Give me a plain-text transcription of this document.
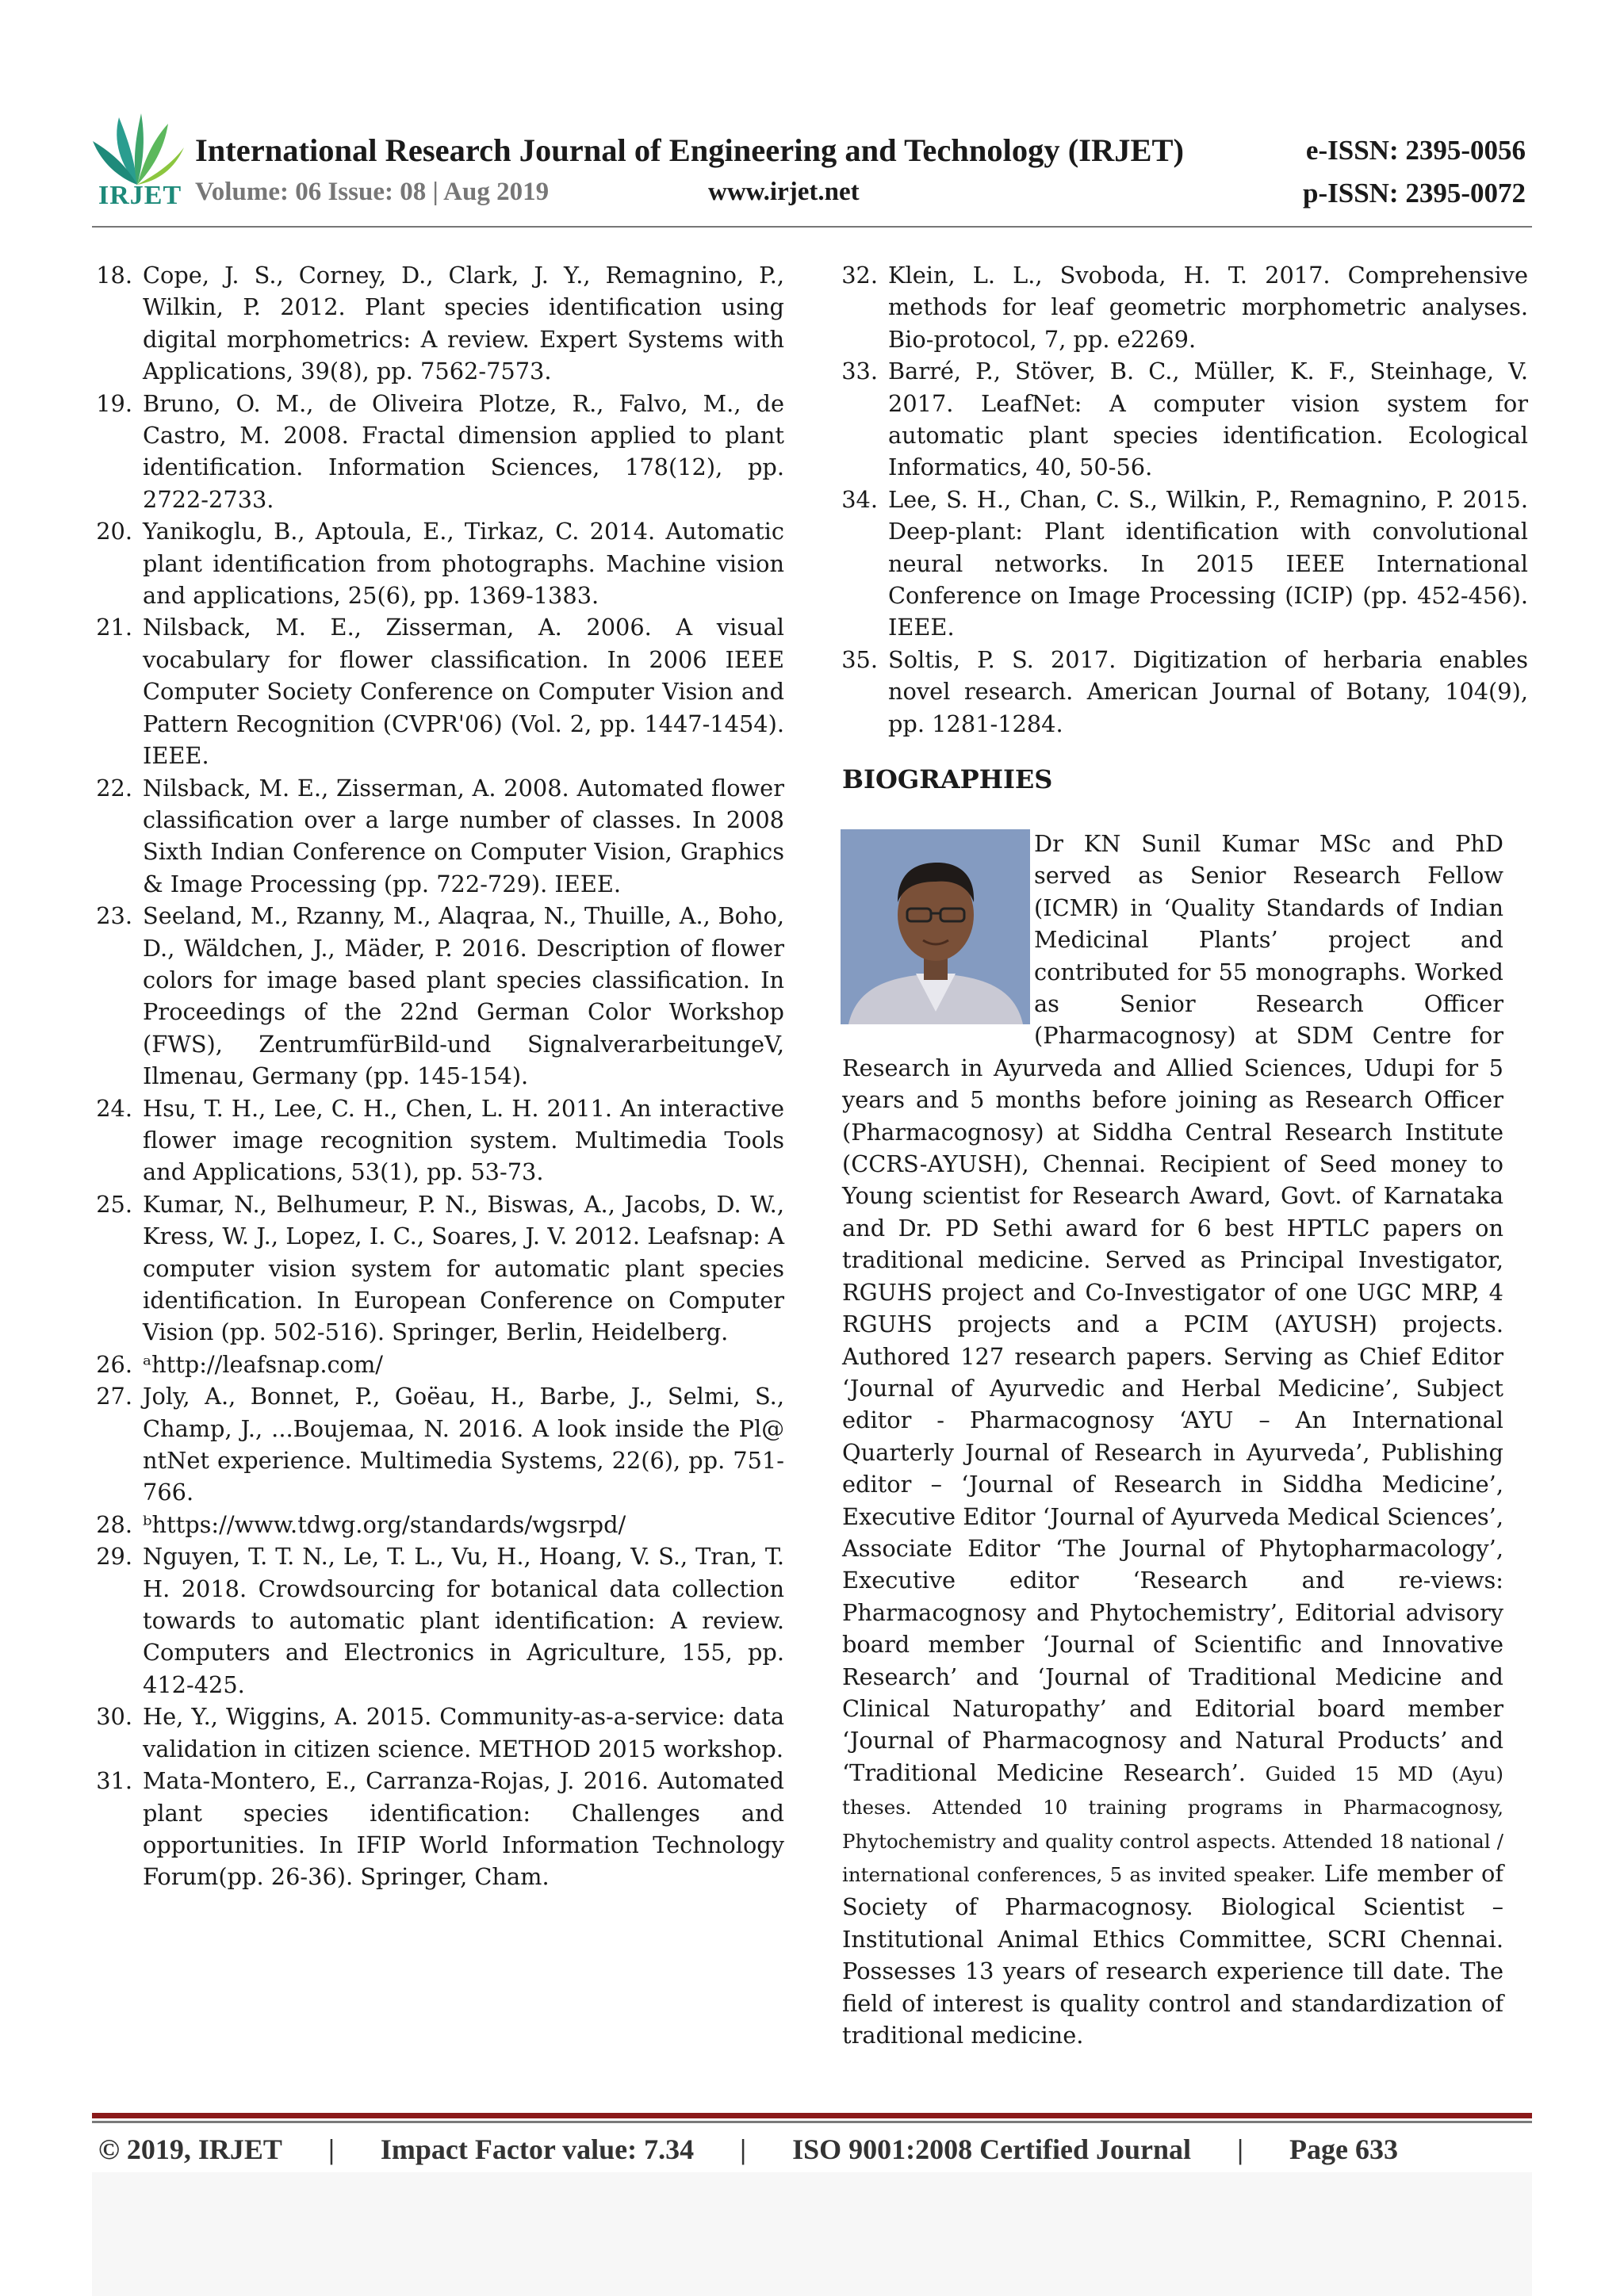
IRJET
International Research Journal of Engineering and Technology (IRJET)	e-ISSN: 2395-0056
Volume: 06 Issue: 08 | Aug 2019	www.irjet.net	p-ISSN: 2395-0072
18. Cope, J. S., Corney, D., Clark, J. Y., Remagnino, P., Wilkin, P. 2012. Plant species identification using digital morphometrics: A review. Expert Systems with Applications, 39(8), pp. 7562-7573.
19. Bruno, O. M., de Oliveira Plotze, R., Falvo, M., de Castro, M. 2008. Fractal dimension applied to plant identification. Information Sciences, 178(12), pp. 2722-2733.
20. Yanikoglu, B., Aptoula, E., Tirkaz, C. 2014. Automatic plant identification from photographs. Machine vision and applications, 25(6), pp. 1369-1383.
21. Nilsback, M. E., Zisserman, A. 2006. A visual vocabulary for flower classification. In 2006 IEEE Computer Society Conference on Computer Vision and Pattern Recognition (CVPR'06) (Vol. 2, pp. 1447-1454). IEEE.
22. Nilsback, M. E., Zisserman, A. 2008. Automated flower classification over a large number of classes. In 2008 Sixth Indian Conference on Computer Vision, Graphics & Image Processing (pp. 722-729). IEEE.
23. Seeland, M., Rzanny, M., Alaqraa, N., Thuille, A., Boho, D., Wäldchen, J., Mäder, P. 2016. Description of flower colors for image based plant species classification. In Proceedings of the 22nd German Color Workshop (FWS), ZentrumfürBild-und SignalverarbeitungeV, Ilmenau, Germany (pp. 145-154).
24. Hsu, T. H., Lee, C. H., Chen, L. H. 2011. An interactive flower image recognition system. Multimedia Tools and Applications, 53(1), pp. 53-73.
25. Kumar, N., Belhumeur, P. N., Biswas, A., Jacobs, D. W., Kress, W. J., Lopez, I. C., Soares, J. V. 2012. Leafsnap: A computer vision system for automatic plant species identification. In European Conference on Computer Vision (pp. 502-516). Springer, Berlin, Heidelberg.
26. ᵃhttp://leafsnap.com/
27. Joly, A., Bonnet, P., Goëau, H., Barbe, J., Selmi, S., Champ, J., ...Boujemaa, N. 2016. A look inside the Pl@ ntNet experience. Multimedia Systems, 22(6), pp. 751-766.
28. ᵇhttps://www.tdwg.org/standards/wgsrpd/
29. Nguyen, T. T. N., Le, T. L., Vu, H., Hoang, V. S., Tran, T. H. 2018. Crowdsourcing for botanical data collection towards to automatic plant identification: A review. Computers and Electronics in Agriculture, 155, pp. 412-425.
30. He, Y., Wiggins, A. 2015. Community-as-a-service: data validation in citizen science. METHOD 2015 workshop.
31. Mata-Montero, E., Carranza-Rojas, J. 2016. Automated plant species identification: Challenges and opportunities. In IFIP World Information Technology Forum(pp. 26-36). Springer, Cham.
32. Klein, L. L., Svoboda, H. T. 2017. Comprehensive methods for leaf geometric morphometric analyses. Bio-protocol, 7, pp. e2269.
33. Barré, P., Stöver, B. C., Müller, K. F., Steinhage, V. 2017. LeafNet: A computer vision system for automatic plant species identification. Ecological Informatics, 40, 50-56.
34. Lee, S. H., Chan, C. S., Wilkin, P., Remagnino, P. 2015. Deep-plant: Plant identification with convolutional neural networks. In 2015 IEEE International Conference on Image Processing (ICIP) (pp. 452-456). IEEE.
35. Soltis, P. S. 2017. Digitization of herbaria enables novel research. American Journal of Botany, 104(9), pp. 1281-1284.
BIOGRAPHIES

Dr KN Sunil Kumar MSc and PhD served as Senior Research Fellow (ICMR) in ‘Quality Standards of Indian Medicinal Plants’ project and contributed for 55 monographs. Worked as Senior Research Officer (Pharmacognosy) at SDM Centre for Research in Ayurveda and Allied Sciences, Udupi for 5 years and 5 months before joining as Research Officer (Pharmacognosy) at Siddha Central Research Institute (CCRS-AYUSH), Chennai. Recipient of Seed money to Young scientist for Research Award, Govt. of Karnataka and Dr. PD Sethi award for 6 best HPTLC papers on traditional medicine. Served as Principal Investigator, RGUHS project and Co-Investigator of one UGC MRP, 4 RGUHS projects and a PCIM (AYUSH) projects. Authored 127 research papers. Serving as Chief Editor ‘Journal of Ayurvedic and Herbal Medicine’, Subject editor - Pharmacognosy ‘AYU – An International Quarterly Journal of Research in Ayurveda’, Publishing editor – ‘Journal of Research in Siddha Medicine’, Executive Editor ‘Journal of Ayurveda Medical Sciences’, Associate Editor ‘The Journal of Phytopharmacology’, Executive editor ‘Research and re-views: Pharmacognosy and Phytochemistry’, Editorial advisory board member ‘Journal of Scientific and Innovative Research’ and ‘Journal of Traditional Medicine and Clinical Naturopathy’ and Editorial board member ‘Journal of Pharmacognosy and Natural Products’ and ‘Traditional Medicine Research’. Guided 15 MD (Ayu) theses. Attended 10 training programs in Pharmacognosy, Phytochemistry and quality control aspects. Attended 18 national / international conferences, 5 as invited speaker. Life member of Society of Pharmacognosy. Biological Scientist – Institutional Animal Ethics Committee, SCRI Chennai. Possesses 13 years of research experience till date. The field of interest is quality control and standardization of traditional medicine.

© 2019, IRJET | Impact Factor value: 7.34 | ISO 9001:2008 Certified Journal | Page 633
